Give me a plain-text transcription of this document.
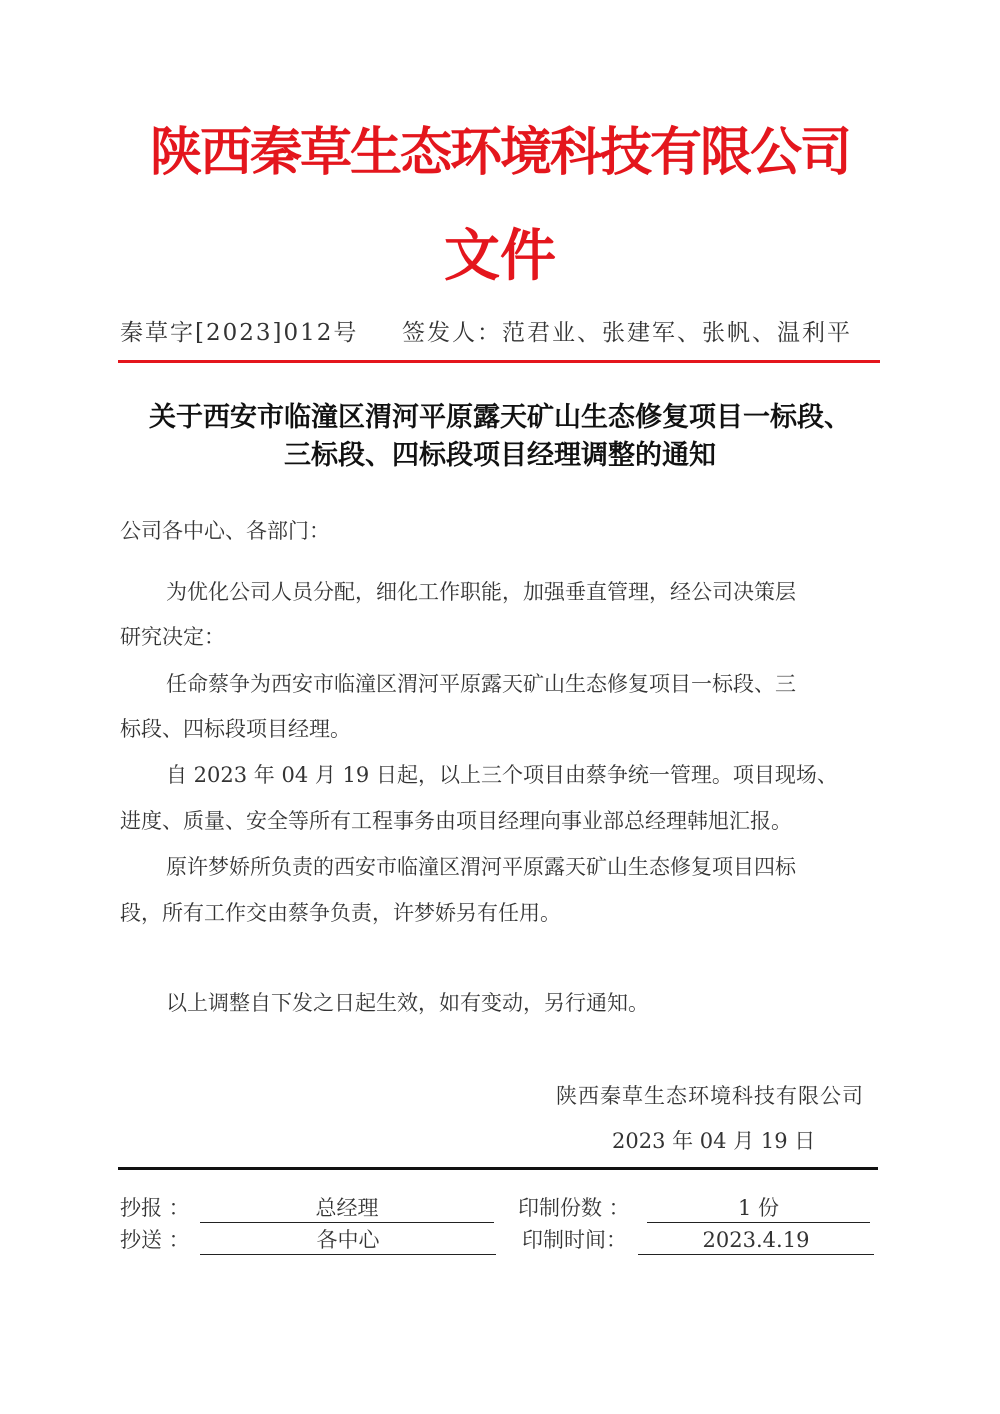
陕西秦草生态环境科技有限公司
文件
秦草字[2023]012号 签发人：范君业、张建军、张帆、温利平
关于西安市临潼区渭河平原露天矿山生态修复项目一标段、
三标段、四标段项目经理调整的通知
公司各中心、各部门：
为优化公司人员分配，细化工作职能，加强垂直管理，经公司决策层
研究决定：
任命蔡争为西安市临潼区渭河平原露天矿山生态修复项目一标段、三
标段、四标段项目经理。
自 2023 年 04 月 19 日起，以上三个项目由蔡争统一管理。项目现场、
进度、质量、安全等所有工程事务由项目经理向事业部总经理韩旭汇报。
原许梦娇所负责的西安市临潼区渭河平原露天矿山生态修复项目四标
段，所有工作交由蔡争负责，许梦娇另有任用。
以上调整自下发之日起生效，如有变动，另行通知。
陕西秦草生态环境科技有限公司
2023 年 04 月 19 日
抄报 ：	总经理	印制份数 ：	1 份
抄送 ：	各中心	印制时间：	2023.4.19
